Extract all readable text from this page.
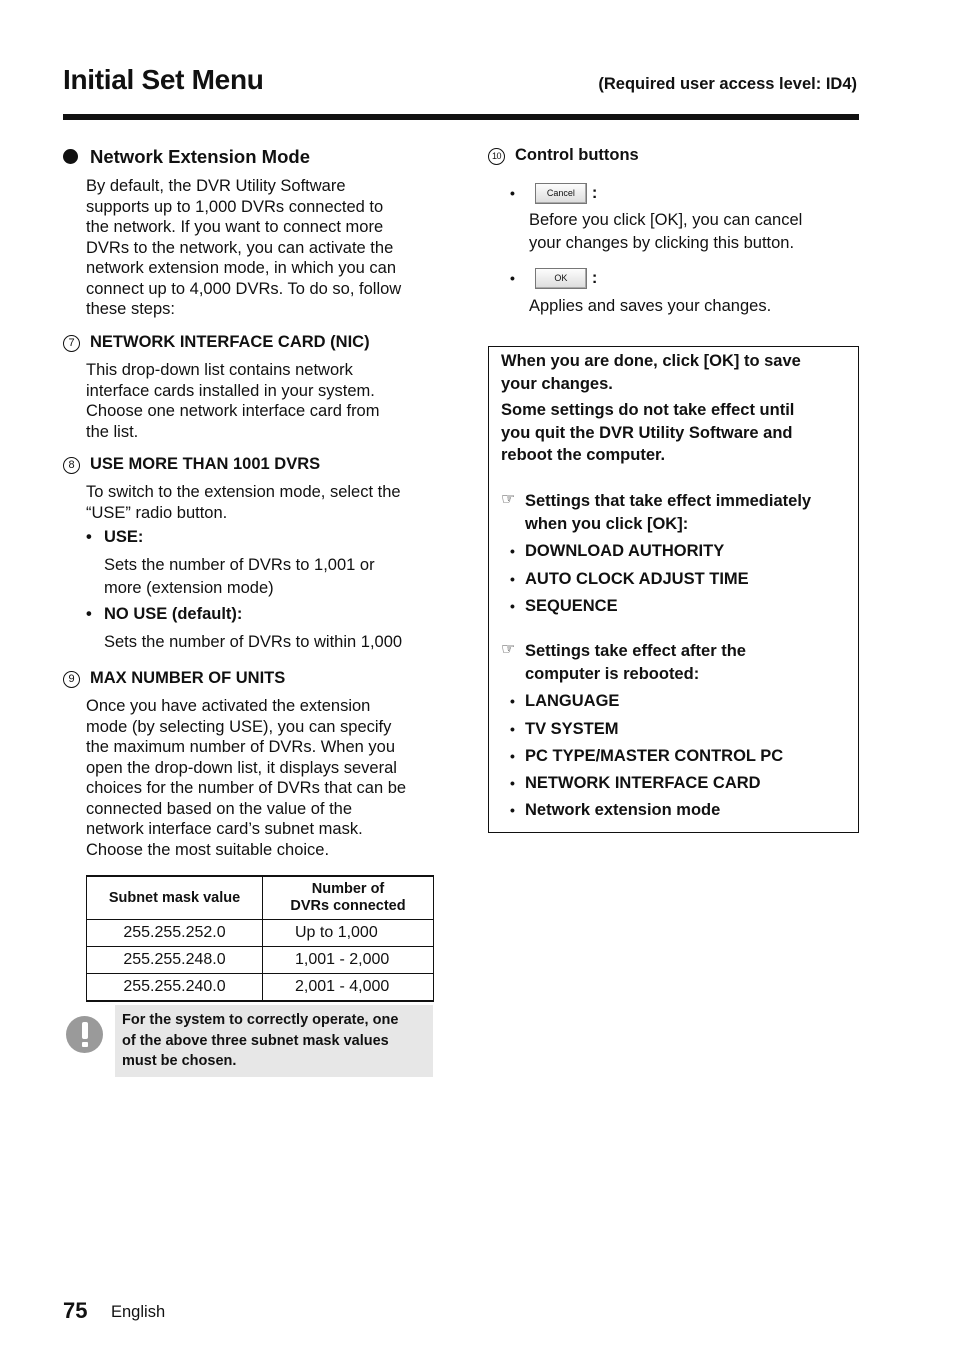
Initial Set Menu	(Required user access level: ID4)
Network Extension Mode
By default, the DVR Utility Software
supports up to 1,000 DVRs connected to
the network. If you want to connect more
DVRs to the network, you can activate the
network extension mode, in which you can
connect up to 4,000 DVRs. To do so, follow
these steps:
7 NETWORK INTERFACE CARD (NIC)
This drop-down list contains network
interface cards installed in your system.
Choose one network interface card from
the list.
8 USE MORE THAN 1001 DVRS
To switch to the extension mode, select the
“USE” radio button.
• USE:
Sets the number of DVRs to 1,001 or
more (extension mode)
• NO USE (default):
Sets the number of DVRs to within 1,000
9 MAX NUMBER OF UNITS
Once you have activated the extension
mode (by selecting USE), you can specify
the maximum number of DVRs. When you
open the drop-down list, it displays several
choices for the number of DVRs that can be
connected based on the value of the
network interface card’s subnet mask.
Choose the most suitable choice.
Subnet mask value	Number of
DVRs connected

255.255.252.0	Up to 1,000
255.255.248.0	1,001 - 2,000
255.255.240.0	2,001 - 4,000

For the system to correctly operate, one
of the above three subnet mask values
must be chosen.

10 Control buttons
•	Cancel :
Before you click [OK], you can cancel
your changes by clicking this button.
•	OK :
Applies and saves your changes.
When you are done, click [OK] to save
your changes.
Some settings do not take effect until
you quit the DVR Utility Software and
reboot the computer.
☞ Settings that take effect immediately
when you click [OK]:
• DOWNLOAD AUTHORITY
• AUTO CLOCK ADJUST TIME
• SEQUENCE
☞ Settings take effect after the
computer is rebooted:
• LANGUAGE
• TV SYSTEM
• PC TYPE/MASTER CONTROL PC
• NETWORK INTERFACE CARD
• Network extension mode
75 English
